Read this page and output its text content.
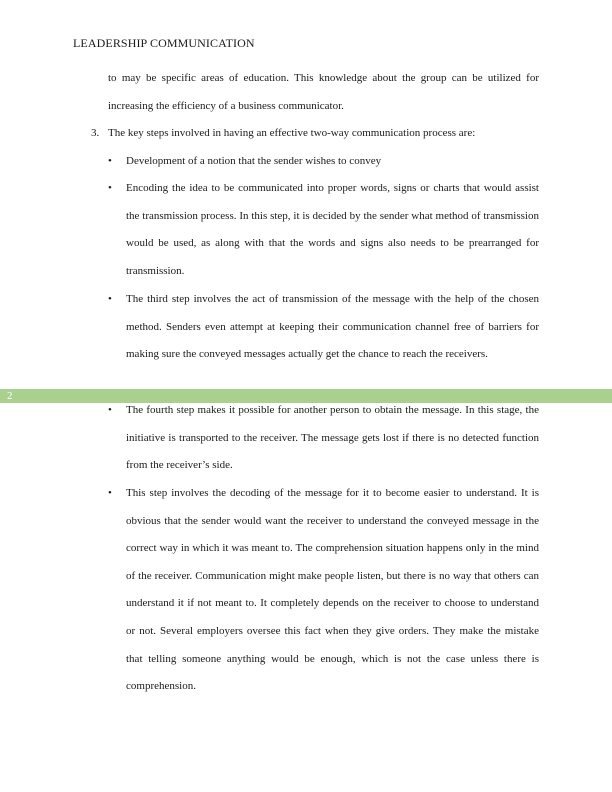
LEADERSHIP COMMUNICATION
2
to may be specific areas of education. This knowledge about the group can be utilized for increasing the efficiency of a business communicator.
3. The key steps involved in having an effective two-way communication process are:
• Development of a notion that the sender wishes to convey
• Encoding the idea to be communicated into proper words, signs or charts that would assist the transmission process. In this step, it is decided by the sender what method of transmission would be used, as along with that the words and signs also needs to be prearranged for transmission.
• The third step involves the act of transmission of the message with the help of the chosen method. Senders even attempt at keeping their communication channel free of barriers for making sure the conveyed messages actually get the chance to reach the receivers.
• The fourth step makes it possible for another person to obtain the message. In this stage, the initiative is transported to the receiver. The message gets lost if there is no detected function from the receiver’s side.
• This step involves the decoding of the message for it to become easier to understand. It is obvious that the sender would want the receiver to understand the conveyed message in the correct way in which it was meant to. The comprehension situation happens only in the mind of the receiver. Communication might make people listen, but there is no way that others can understand it if not meant to. It completely depends on the receiver to choose to understand or not. Several employers oversee this fact when they give orders. They make the mistake that telling someone anything would be enough, which is not the case unless there is comprehension.
